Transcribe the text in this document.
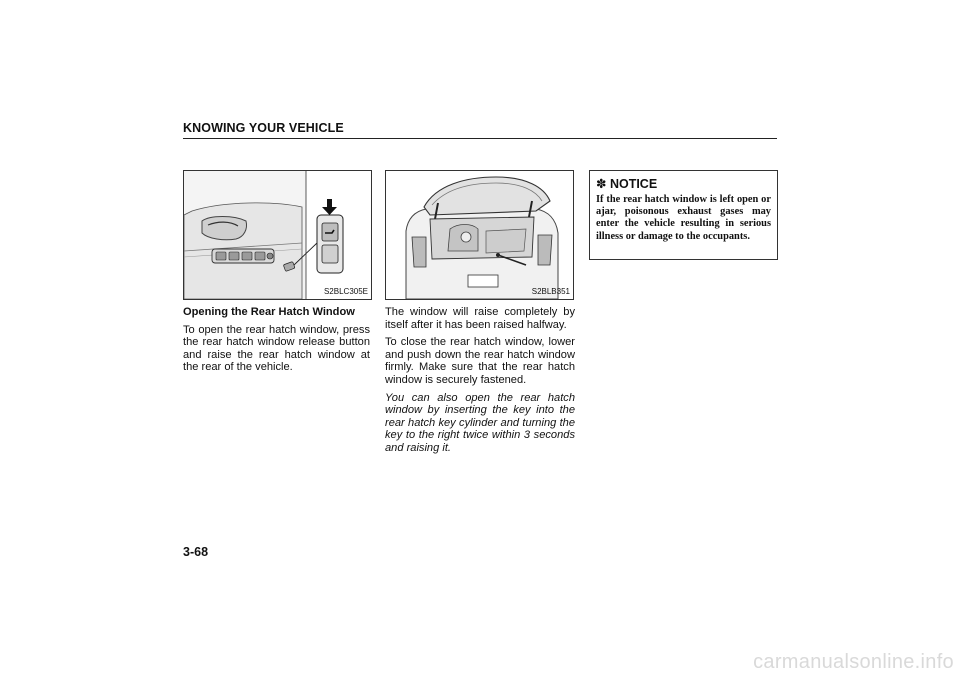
KNOWING YOUR VEHICLE
S2BLC305E	S2BLB351
✽ NOTICE
If the rear hatch window is left open or ajar, poisonous exhaust gases may enter the vehicle resulting in serious illness or damage to the occupants.

Opening the Rear Hatch Window

To open the rear hatch window, press the rear hatch window release button and raise the rear hatch window at the rear of the vehicle.

The window will raise completely by itself after it has been raised halfway.

To close the rear hatch window, lower and push down the rear hatch window firmly. Make sure that the rear hatch window is securely fastened.

You can also open the rear hatch window by inserting the key into the rear hatch key cylinder and turning the key to the right twice within 3 seconds and raising it.

3-68
carmanualsonline.info
